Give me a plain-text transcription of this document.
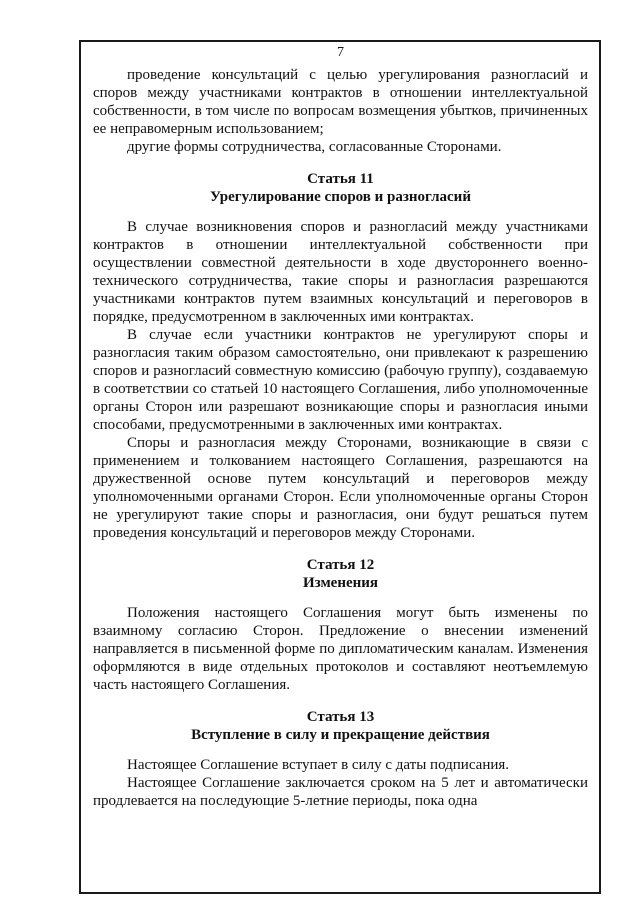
7

проведение консультаций с целью урегулирования разногласий и споров между участниками контрактов в отношении интеллектуальной собственности, в том числе по вопросам возмещения убытков, причиненных ее неправомерным использованием;

другие формы сотрудничества, согласованные Сторонами.

Статья 11
Урегулирование споров и разногласий

В случае возникновения споров и разногласий между участниками контрактов в отношении интеллектуальной собственности при осуществлении совместной деятельности в ходе двустороннего военно-технического сотрудничества, такие споры и разногласия разрешаются участниками контрактов путем взаимных консультаций и переговоров в порядке, предусмотренном в заключенных ими контрактах.

В случае если участники контрактов не урегулируют споры и разногласия таким образом самостоятельно, они привлекают к разрешению споров и разногласий совместную комиссию (рабочую группу), создаваемую в соответствии со статьей 10 настоящего Соглашения, либо уполномоченные органы Сторон или разрешают возникающие споры и разногласия иными способами, предусмотренными в заключенных ими контрактах.

Споры и разногласия между Сторонами, возникающие в связи с применением и толкованием настоящего Соглашения, разрешаются на дружественной основе путем консультаций и переговоров между уполномоченными органами Сторон. Если уполномоченные органы Сторон не урегулируют такие споры и разногласия, они будут решаться путем проведения консультаций и переговоров между Сторонами.

Статья 12
Изменения

Положения настоящего Соглашения могут быть изменены по взаимному согласию Сторон. Предложение о внесении изменений направляется в письменной форме по дипломатическим каналам. Изменения оформляются в виде отдельных протоколов и составляют неотъемлемую часть настоящего Соглашения.

Статья 13
Вступление в силу и прекращение действия

Настоящее Соглашение вступает в силу с даты подписания.

Настоящее Соглашение заключается сроком на 5 лет и автоматически продлевается на последующие 5-летние периоды, пока одна
